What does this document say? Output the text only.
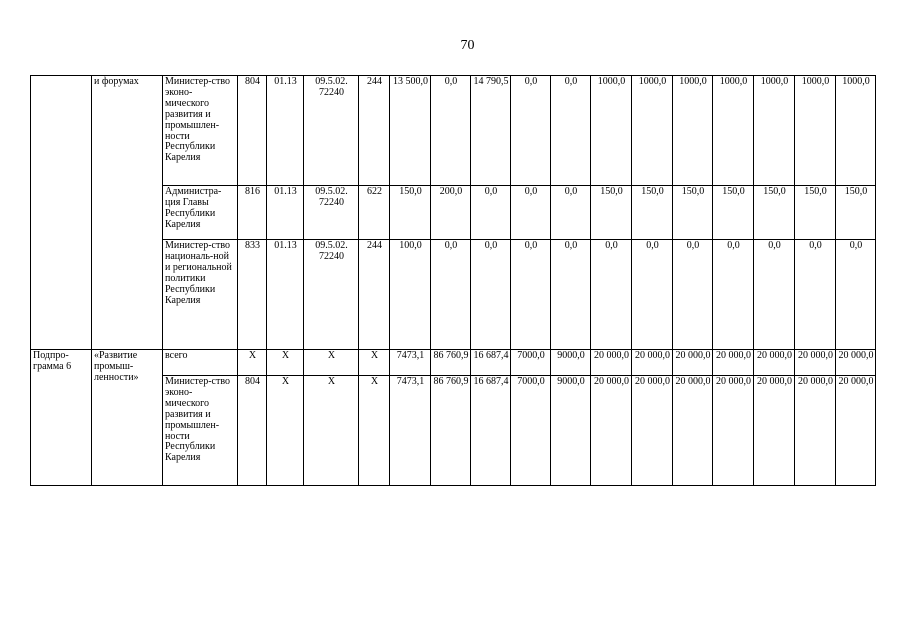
70
	и форумах	Министер-ство эконо-мического развития и промышлен-ности Республики Карелия	804	01.13	09.5.02. 72240	244	13 500,0	0,0	14 790,5	0,0	0,0	1000,0	1000,0	1000,0	1000,0	1000,0	1000,0	1000,0
		Администра-ция Главы Республики Карелия	816	01.13	09.5.02. 72240	622	150,0	200,0	0,0	0,0	0,0	150,0	150,0	150,0	150,0	150,0	150,0	150,0
		Министер-ство националь-ной и региональной политики Республики Карелия	833	01.13	09.5.02. 72240	244	100,0	0,0	0,0	0,0	0,0	0,0	0,0	0,0	0,0	0,0	0,0	0,0
Подпро-грамма 6	«Развитие промыш-ленности»	всего	Х	Х	Х	Х	7473,1	86 760,9	16 687,4	7000,0	9000,0	20 000,0	20 000,0	20 000,0	20 000,0	20 000,0	20 000,0	20 000,0
		Министер-ство эконо-мического развития и промышлен-ности Республики Карелия	804	Х	Х	Х	7473,1	86 760,9	16 687,4	7000,0	9000,0	20 000,0	20 000,0	20 000,0	20 000,0	20 000,0	20 000,0	20 000,0
